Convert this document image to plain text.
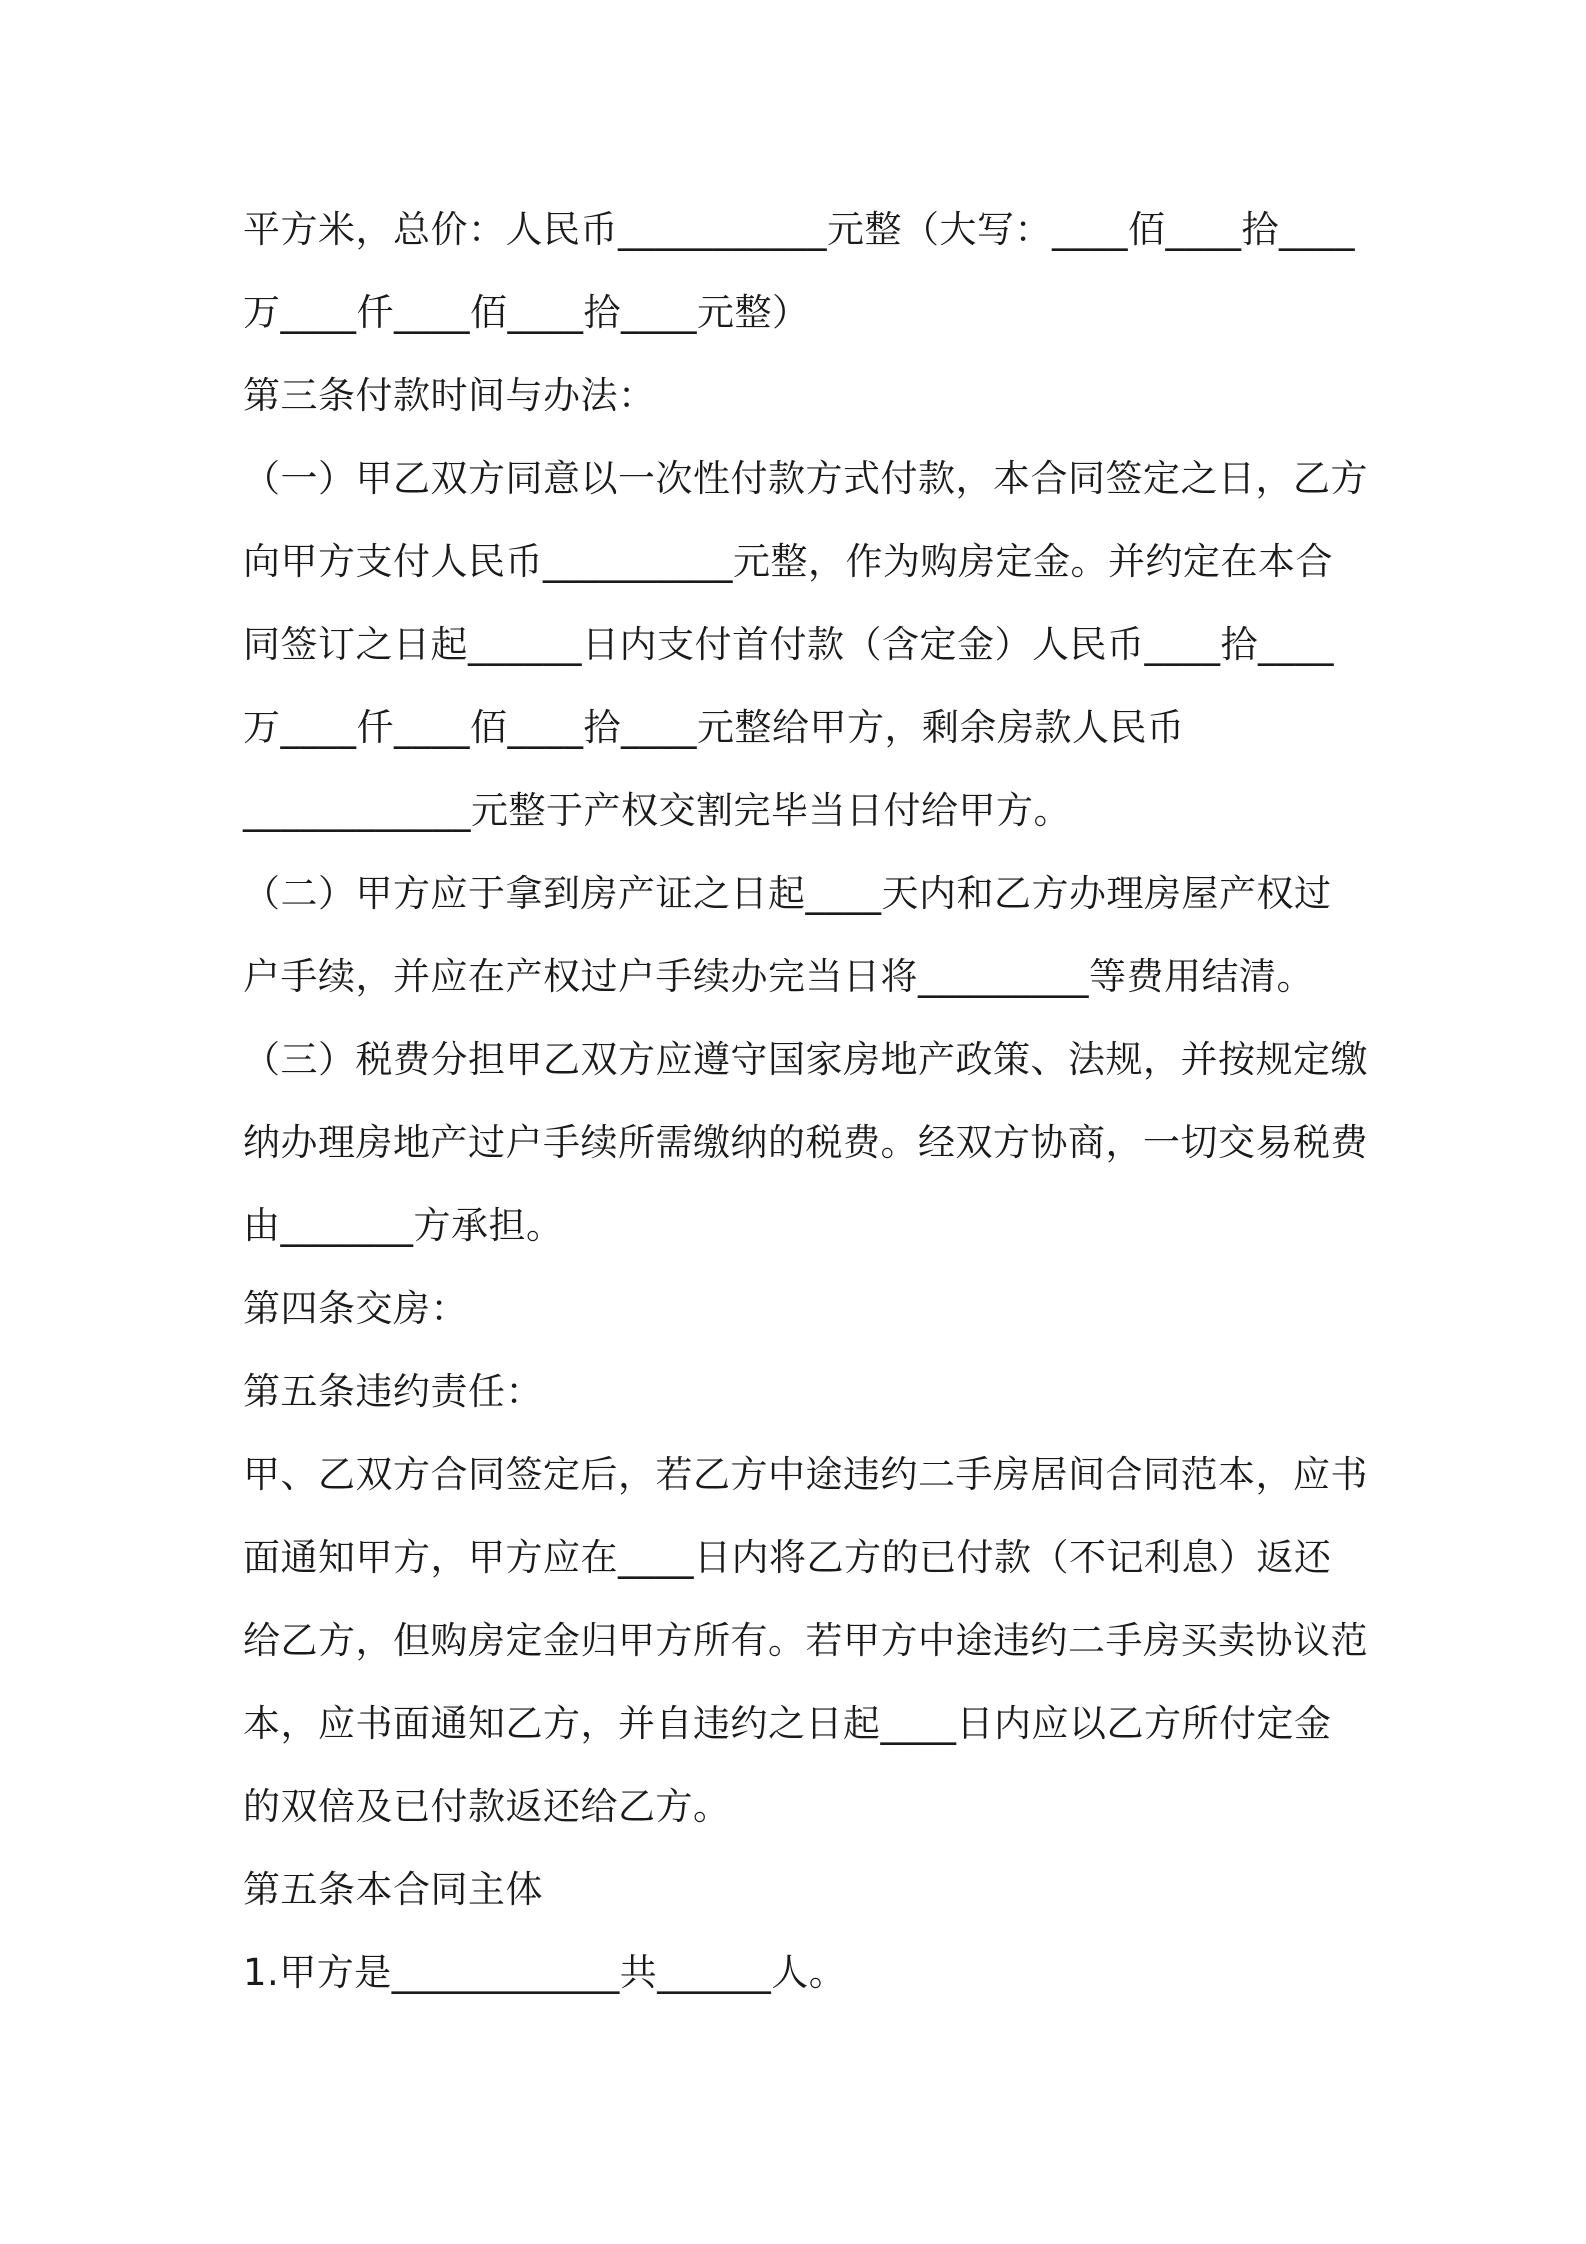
平方米，总价：人民币___________元整（大写：____佰____拾____
万____仟____佰____拾____元整）
第三条付款时间与办法：
（一）甲乙双方同意以一次性付款方式付款，本合同签定之日，乙方
向甲方支付人民币__________元整，作为购房定金。并约定在本合
同签订之日起______日内支付首付款（含定金）人民币____拾____
万____仟____佰____拾____元整给甲方，剩余房款人民币
____________元整于产权交割完毕当日付给甲方。
（二）甲方应于拿到房产证之日起____天内和乙方办理房屋产权过
户手续，并应在产权过户手续办完当日将_________等费用结清。
（三）税费分担甲乙双方应遵守国家房地产政策、法规，并按规定缴
纳办理房地产过户手续所需缴纳的税费。经双方协商，一切交易税费
由_______方承担。
第四条交房：
第五条违约责任：
甲、乙双方合同签定后，若乙方中途违约二手房居间合同范本，应书
面通知甲方，甲方应在____日内将乙方的已付款（不记利息）返还
给乙方，但购房定金归甲方所有。若甲方中途违约二手房买卖协议范
本，应书面通知乙方，并自违约之日起____日内应以乙方所付定金
的双倍及已付款返还给乙方。
第五条本合同主体
1.甲方是____________共______人。
